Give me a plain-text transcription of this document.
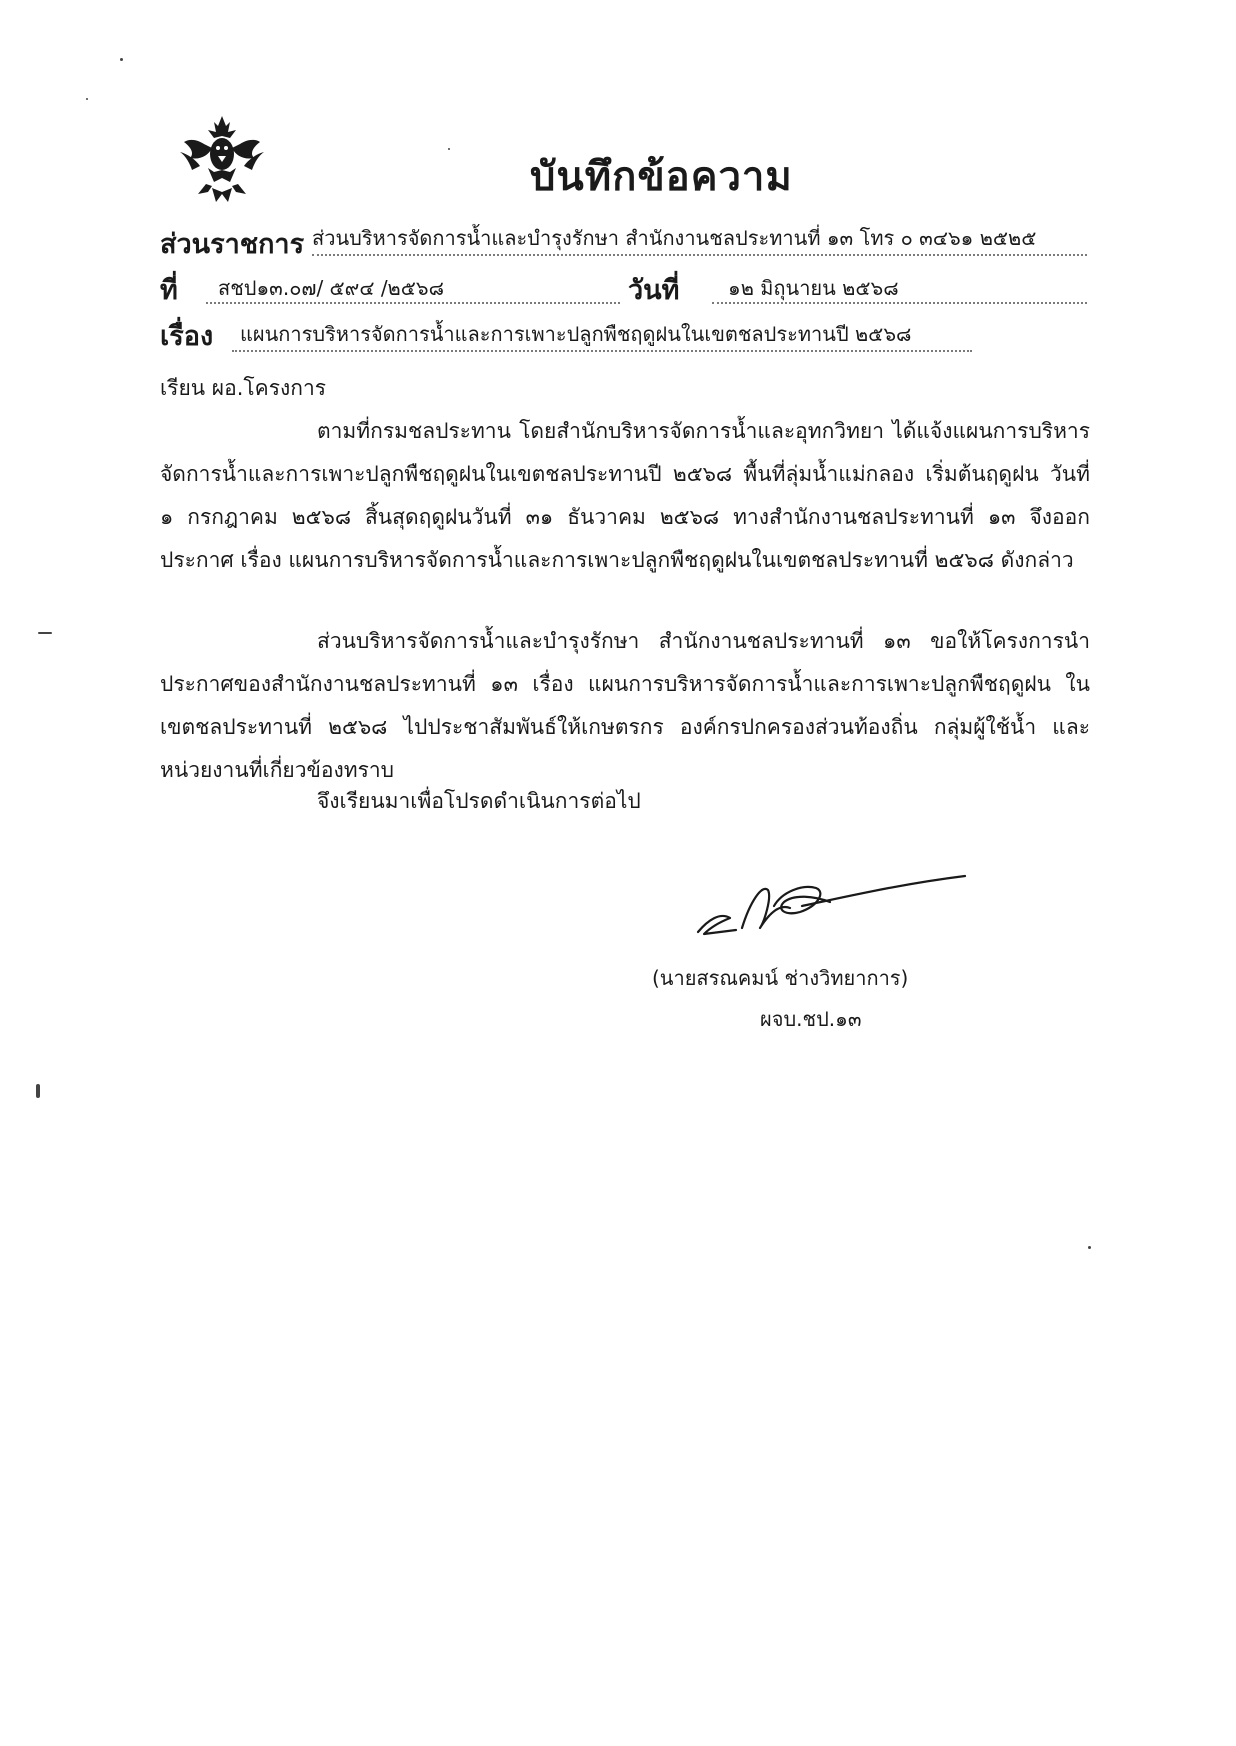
บันทึกข้อความ
ส่วนราชการ ส่วนบริหารจัดการน้ำและบำรุงรักษา สำนักงานชลประทานที่ ๑๓ โทร ๐ ๓๔๖๑ ๒๕๒๕
ที่ สชป๑๓.๐๗/ ๕๙๔ /๒๕๖๘	วันที่ ๑๒ มิถุนายน ๒๕๖๘
เรื่อง แผนการบริหารจัดการน้ำและการเพาะปลูกพืชฤดูฝนในเขตชลประทานปี ๒๕๖๘
เรียน ผอ.โครงการ

ตามที่กรมชลประทาน โดยสำนักบริหารจัดการน้ำและอุทกวิทยา ได้แจ้งแผนการบริหารจัดการน้ำและการเพาะปลูกพืชฤดูฝนในเขตชลประทานปี ๒๕๖๘ พื้นที่ลุ่มน้ำแม่กลอง เริ่มต้นฤดูฝน วันที่ ๑ กรกฎาคม ๒๕๖๘ สิ้นสุดฤดูฝนวันที่ ๓๑ ธันวาคม ๒๕๖๘ ทางสำนักงานชลประทานที่ ๑๓ จึงออกประกาศ เรื่อง แผนการบริหารจัดการน้ำและการเพาะปลูกพืชฤดูฝนในเขตชลประทานที่ ๒๕๖๘ ดังกล่าว

ส่วนบริหารจัดการน้ำและบำรุงรักษา สำนักงานชลประทานที่ ๑๓ ขอให้โครงการนำประกาศของสำนักงานชลประทานที่ ๑๓ เรื่อง แผนการบริหารจัดการน้ำและการเพาะปลูกพืชฤดูฝน ในเขตชลประทานที่ ๒๕๖๘ ไปประชาสัมพันธ์ให้เกษตรกร องค์กรปกครองส่วนท้องถิ่น กลุ่มผู้ใช้น้ำ และหน่วยงานที่เกี่ยวข้องทราบ

จึงเรียนมาเพื่อโปรดดำเนินการต่อไป
(นายสรณคมน์ ช่างวิทยาการ)
ผจบ.ชป.๑๓
